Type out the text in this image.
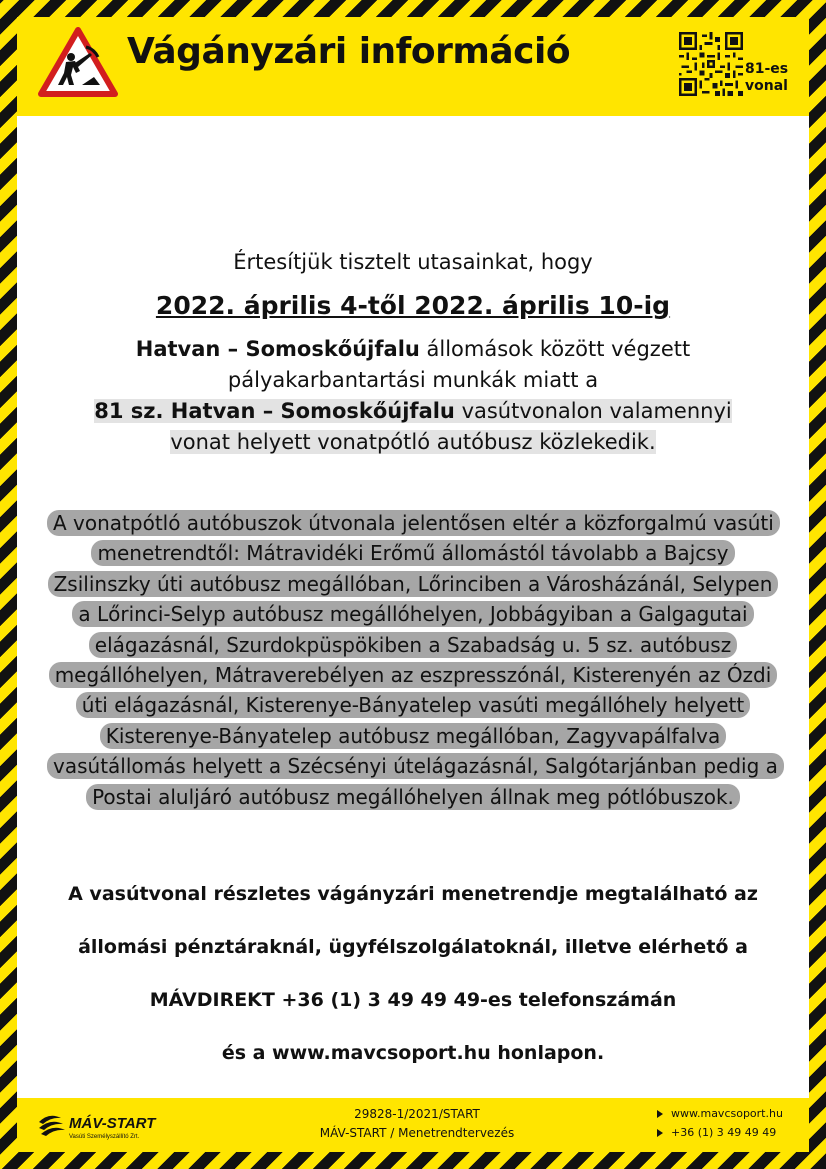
Vágányzári információ	81-es
vonal
Értesítjük tisztelt utasainkat, hogy
2022. április 4-től 2022. április 10-ig
Hatvan – Somoskőújfalu állomások között végzett
pályakarbantartási munkák miatt a
81 sz. Hatvan – Somoskőújfalu vasútvonalon valamennyi
vonat helyett vonatpótló autóbusz közlekedik.
A vonatpótló autóbuszok útvonala jelentősen eltér a közforgalmú vasúti menetrendtől: Mátravidéki Erőmű állomástól távolabb a Bajcsy Zsilinszky úti autóbusz megállóban, Lőrinciben a Városházánál, Selypen a Lőrinci-Selyp autóbusz megállóhelyen, Jobbágyiban a Galgagutai elágazásnál, Szurdokpüspökiben a Szabadság u. 5 sz. autóbusz megállóhelyen, Mátraverebélyen az eszpresszónál, Kisterenyén az Ózdi úti elágazásnál, Kisterenye-Bányatelep vasúti megállóhely helyett Kisterenye-Bányatelep autóbusz megállóban, Zagyvapálfalva vasútállomás helyett a Szécsényi útelágazásnál, Salgótarjánban pedig a Postai aluljáró autóbusz megállóhelyen állnak meg pótlóbuszok.
A vasútvonal részletes vágányzári menetrendje megtalálható az
állomási pénztáraknál, ügyfélszolgálatoknál, illetve elérhető a
MÁVDIREKT +36 (1) 3 49 49 49-es telefonszámán
és a www.mavcsoport.hu honlapon.
MÁV-START
Vasúti Személyszállító Zrt.
29828-1/2021/START
MÁV-START / Menetrendtervezés
www.mavcsoport.hu
+36 (1) 3 49 49 49
